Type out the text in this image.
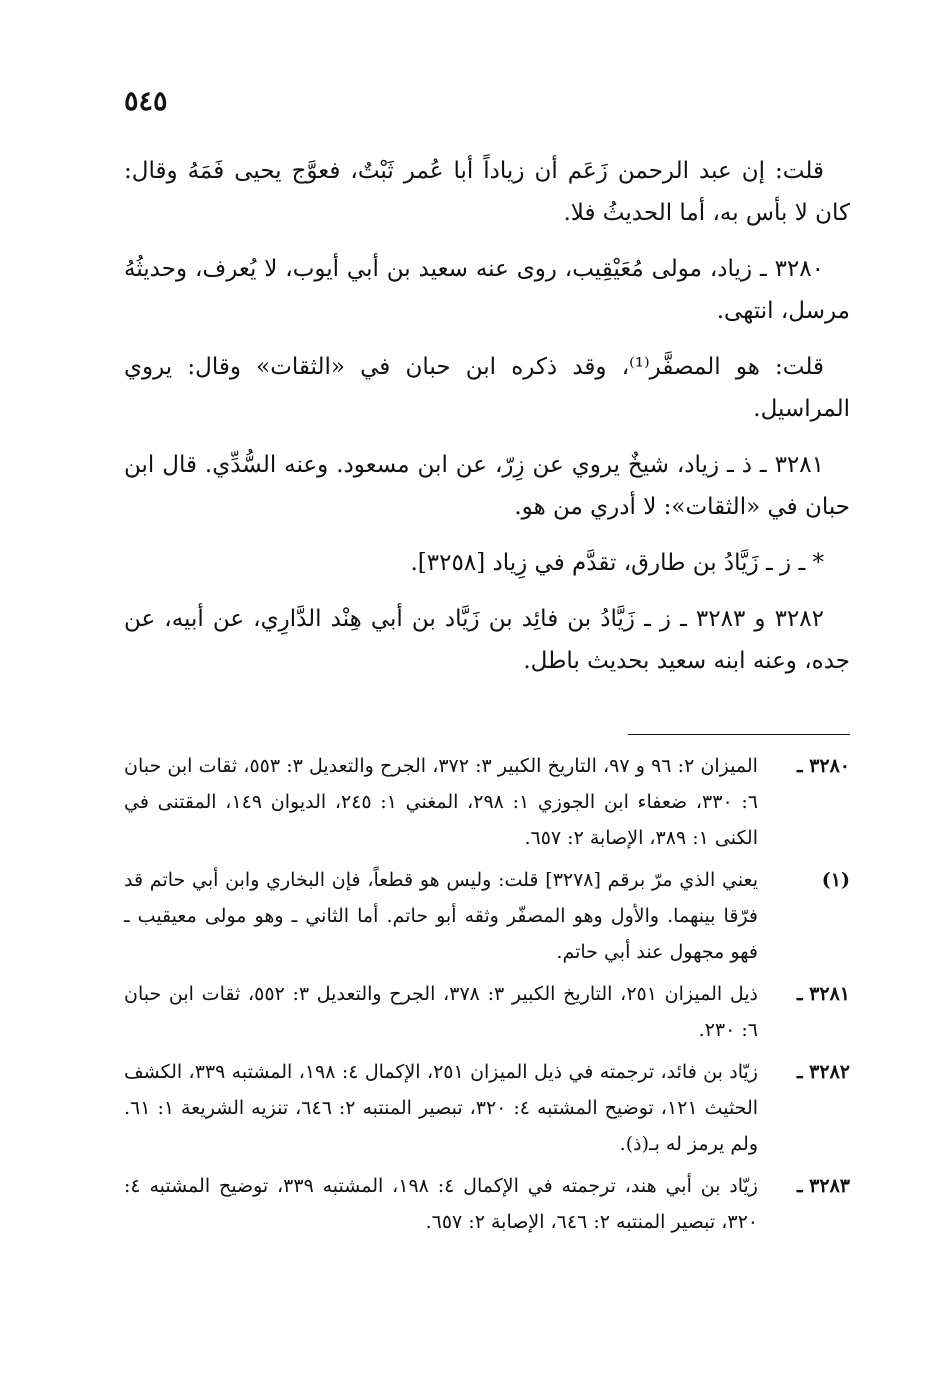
٥٤٥

قلت: إن عبد الرحمن زَعَم أن زياداً أبا عُمر ثَبْتٌ، فعوَّج يحيى فَمَهُ وقال: كان لا بأس به، أما الحديثُ فلا.

٣٢٨٠ ـ زياد، مولى مُعَيْقِيب، روى عنه سعيد بن أبي أيوب، لا يُعرف، وحديثُهُ مرسل، انتهى.

قلت: هو المصفَّر⁽¹⁾، وقد ذكره ابن حبان في «الثقات» وقال: يروي المراسيل.

٣٢٨١ ـ ذ ـ زياد، شيخٌ يروي عن زِرّ، عن ابن مسعود. وعنه السُّدِّي. قال ابن حبان في «الثقات»: لا أدري من هو.

* ـ ز ـ زَيَّادُ بن طارق، تقدَّم في زِياد [٣٢٥٨].

٣٢٨٢ و ٣٢٨٣ ـ ز ـ زَيَّادُ بن فائِد بن زَيَّاد بن أبي هِنْد الدَّارِي، عن أبيه، عن جده، وعنه ابنه سعيد بحديث باطل.

٣٢٨٠ ـ
الميزان ٢: ٩٦ و ٩٧، التاريخ الكبير ٣: ٣٧٢، الجرح والتعديل ٣: ٥٥٣، ثقات ابن حبان ٦: ٣٣٠، ضعفاء ابن الجوزي ١: ٢٩٨، المغني ١: ٢٤٥، الديوان ١٤٩، المقتنى في الكنى ١: ٣٨٩، الإصابة ٢: ٦٥٧.
(١)
يعني الذي مرّ برقم [٣٢٧٨] قلت: وليس هو قطعاً، فإن البخاري وابن أبي حاتم قد فرّقا بينهما. والأول وهو المصفّر وثقه أبو حاتم. أما الثاني ـ وهو مولى معيقيب ـ فهو مجهول عند أبي حاتم.
٣٢٨١ ـ
ذيل الميزان ٢٥١، التاريخ الكبير ٣: ٣٧٨، الجرح والتعديل ٣: ٥٥٢، ثقات ابن حبان ٦: ٢٣٠.
٣٢٨٢ ـ
زيّاد بن فائد، ترجمته في ذيل الميزان ٢٥١، الإكمال ٤: ١٩٨، المشتبه ٣٣٩، الكشف الحثيث ١٢١، توضيح المشتبه ٤: ٣٢٠، تبصير المنتبه ٢: ٦٤٦، تنزيه الشريعة ١: ٦١. ولم يرمز له بـ(ذ).
٣٢٨٣ ـ
زيّاد بن أبي هند، ترجمته في الإكمال ٤: ١٩٨، المشتبه ٣٣٩، توضيح المشتبه ٤: ٣٢٠، تبصير المنتبه ٢: ٦٤٦، الإصابة ٢: ٦٥٧.
